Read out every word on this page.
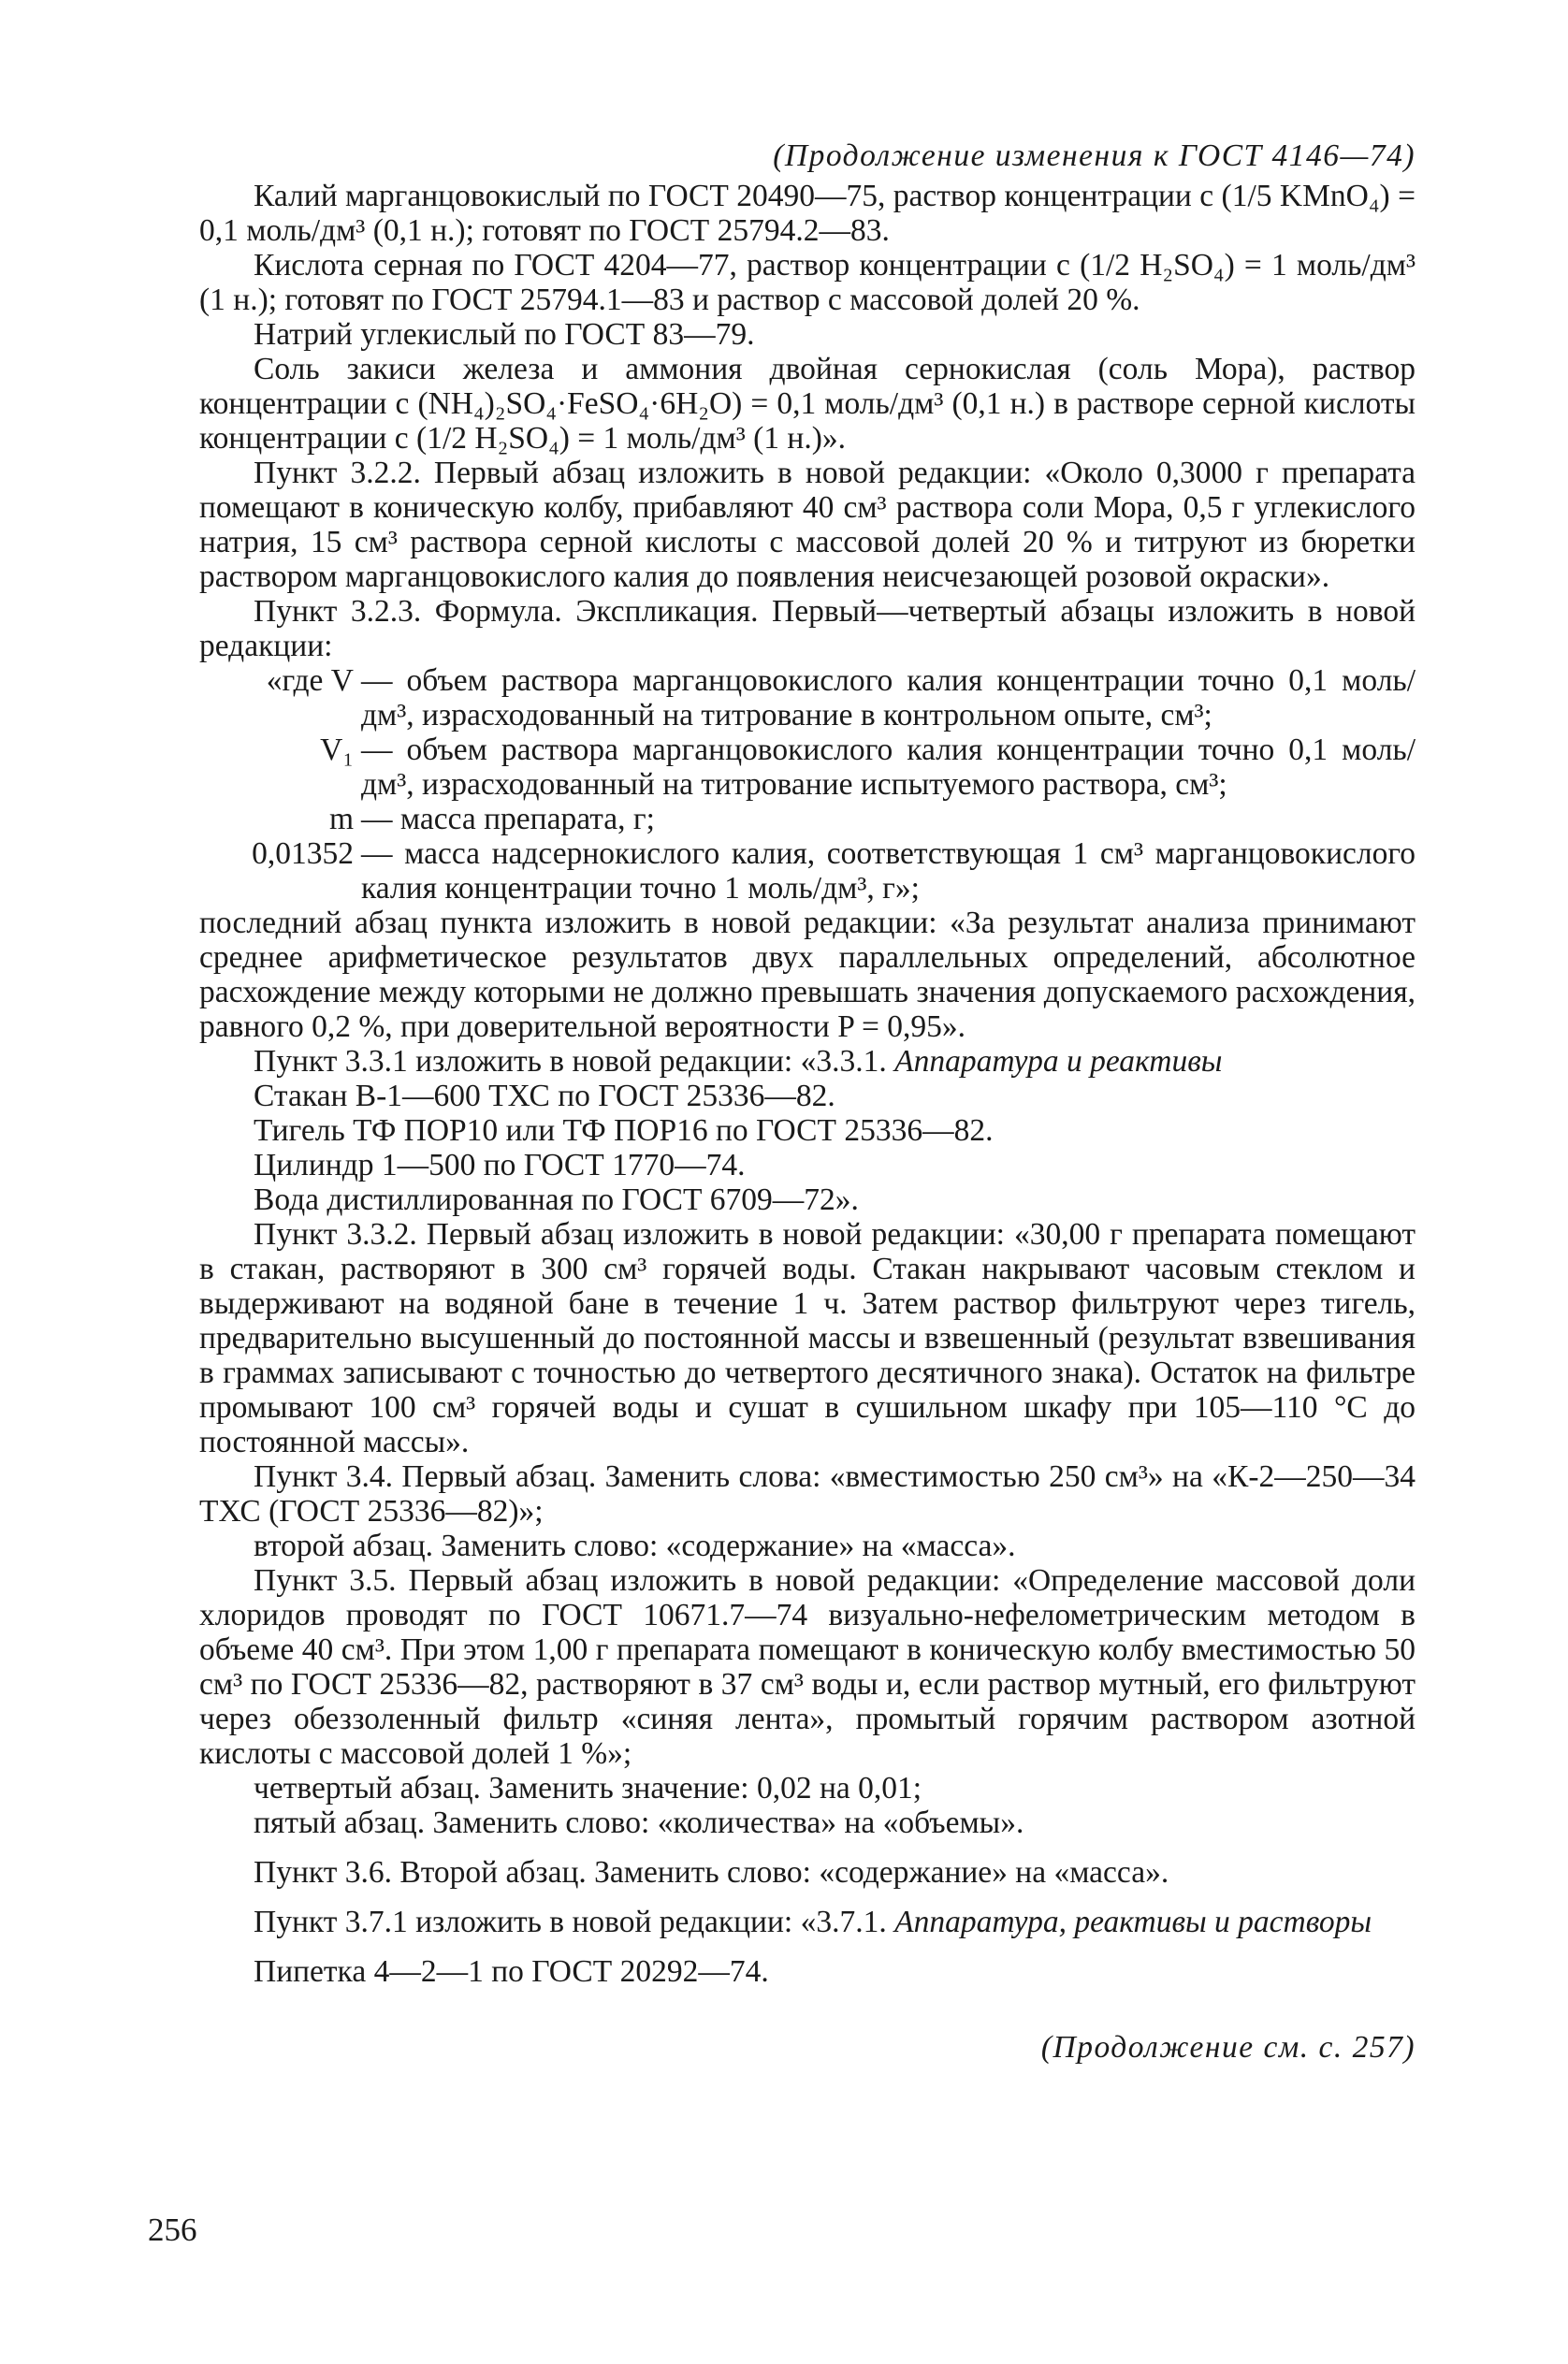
(Продолжение изменения к ГОСТ 4146—74)

Калий марганцовокислый по ГОСТ 20490—75, раствор концентрации с (1/5 KMnO₄) = 0,1 моль/дм³ (0,1 н.); готовят по ГОСТ 25794.2—83.

Кислота серная по ГОСТ 4204—77, раствор концентрации с (1/2 H₂SO₄) = 1 моль/дм³ (1 н.); готовят по ГОСТ 25794.1—83 и раствор с массовой долей 20 %.

Натрий углекислый по ГОСТ 83—79.

Соль закиси железа и аммония двойная сернокислая (соль Мора), раствор концентрации с (NH₄)₂SO₄·FeSO₄·6H₂O) = 0,1 моль/дм³ (0,1 н.) в растворе серной кислоты концентрации с (1/2 H₂SO₄) = 1 моль/дм³ (1 н.)».

Пункт 3.2.2. Первый абзац изложить в новой редакции: «Около 0,3000 г препарата помещают в коническую колбу, прибавляют 40 см³ раствора соли Мора, 0,5 г углекислого натрия, 15 см³ раствора серной кислоты с массовой долей 20 % и титруют из бюретки раствором марганцовокислого калия до появления неисчезающей розовой окраски».

Пункт 3.2.3. Формула. Экспликация. Первый—четвертый абзацы изложить в новой редакции:

«где V — объем раствора марганцовокислого калия концентрации точно 0,1 моль/дм³, израсходованный на титрование в контрольном опыте, см³;
V₁ — объем раствора марганцовокислого калия концентрации точно 0,1 моль/дм³, израсходованный на титрование испытуемого раствора, см³;
m — масса препарата, г;
0,01352 — масса надсернокислого калия, соответствующая 1 см³ марганцовокислого калия концентрации точно 1 моль/дм³, г»;

последний абзац пункта изложить в новой редакции: «За результат анализа принимают среднее арифметическое результатов двух параллельных определений, абсолютное расхождение между которыми не должно превышать значения допускаемого расхождения, равного 0,2 %, при доверительной вероятности P = 0,95».

Пункт 3.3.1 изложить в новой редакции: «3.3.1. Аппаратура и реактивы

Стакан В-1—600 ТХС по ГОСТ 25336—82.

Тигель ТФ ПОР10 или ТФ ПОР16 по ГОСТ 25336—82.

Цилиндр 1—500 по ГОСТ 1770—74.

Вода дистиллированная по ГОСТ 6709—72».

Пункт 3.3.2. Первый абзац изложить в новой редакции: «30,00 г препарата помещают в стакан, растворяют в 300 см³ горячей воды. Стакан накрывают часовым стеклом и выдерживают на водяной бане в течение 1 ч. Затем раствор фильтруют через тигель, предварительно высушенный до постоянной массы и взвешенный (результат взвешивания в граммах записывают с точностью до четвертого десятичного знака). Остаток на фильтре промывают 100 см³ горячей воды и сушат в сушильном шкафу при 105—110 °С до постоянной массы».

Пункт 3.4. Первый абзац. Заменить слова: «вместимостью 250 см³» на «К-2—250—34 ТХС (ГОСТ 25336—82)»;

второй абзац. Заменить слово: «содержание» на «масса».

Пункт 3.5. Первый абзац изложить в новой редакции: «Определение массовой доли хлоридов проводят по ГОСТ 10671.7—74 визуально-нефелометрическим методом в объеме 40 см³. При этом 1,00 г препарата помещают в коническую колбу вместимостью 50 см³ по ГОСТ 25336—82, растворяют в 37 см³ воды и, если раствор мутный, его фильтруют через обеззоленный фильтр «синяя лента», промытый горячим раствором азотной кислоты с массовой долей 1 %»;

четвертый абзац. Заменить значение: 0,02 на 0,01;

пятый абзац. Заменить слово: «количества» на «объемы».

Пункт 3.6. Второй абзац. Заменить слово: «содержание» на «масса».

Пункт 3.7.1 изложить в новой редакции: «3.7.1. Аппаратура, реактивы и растворы

Пипетка 4—2—1 по ГОСТ 20292—74.

(Продолжение см. с. 257)
256
